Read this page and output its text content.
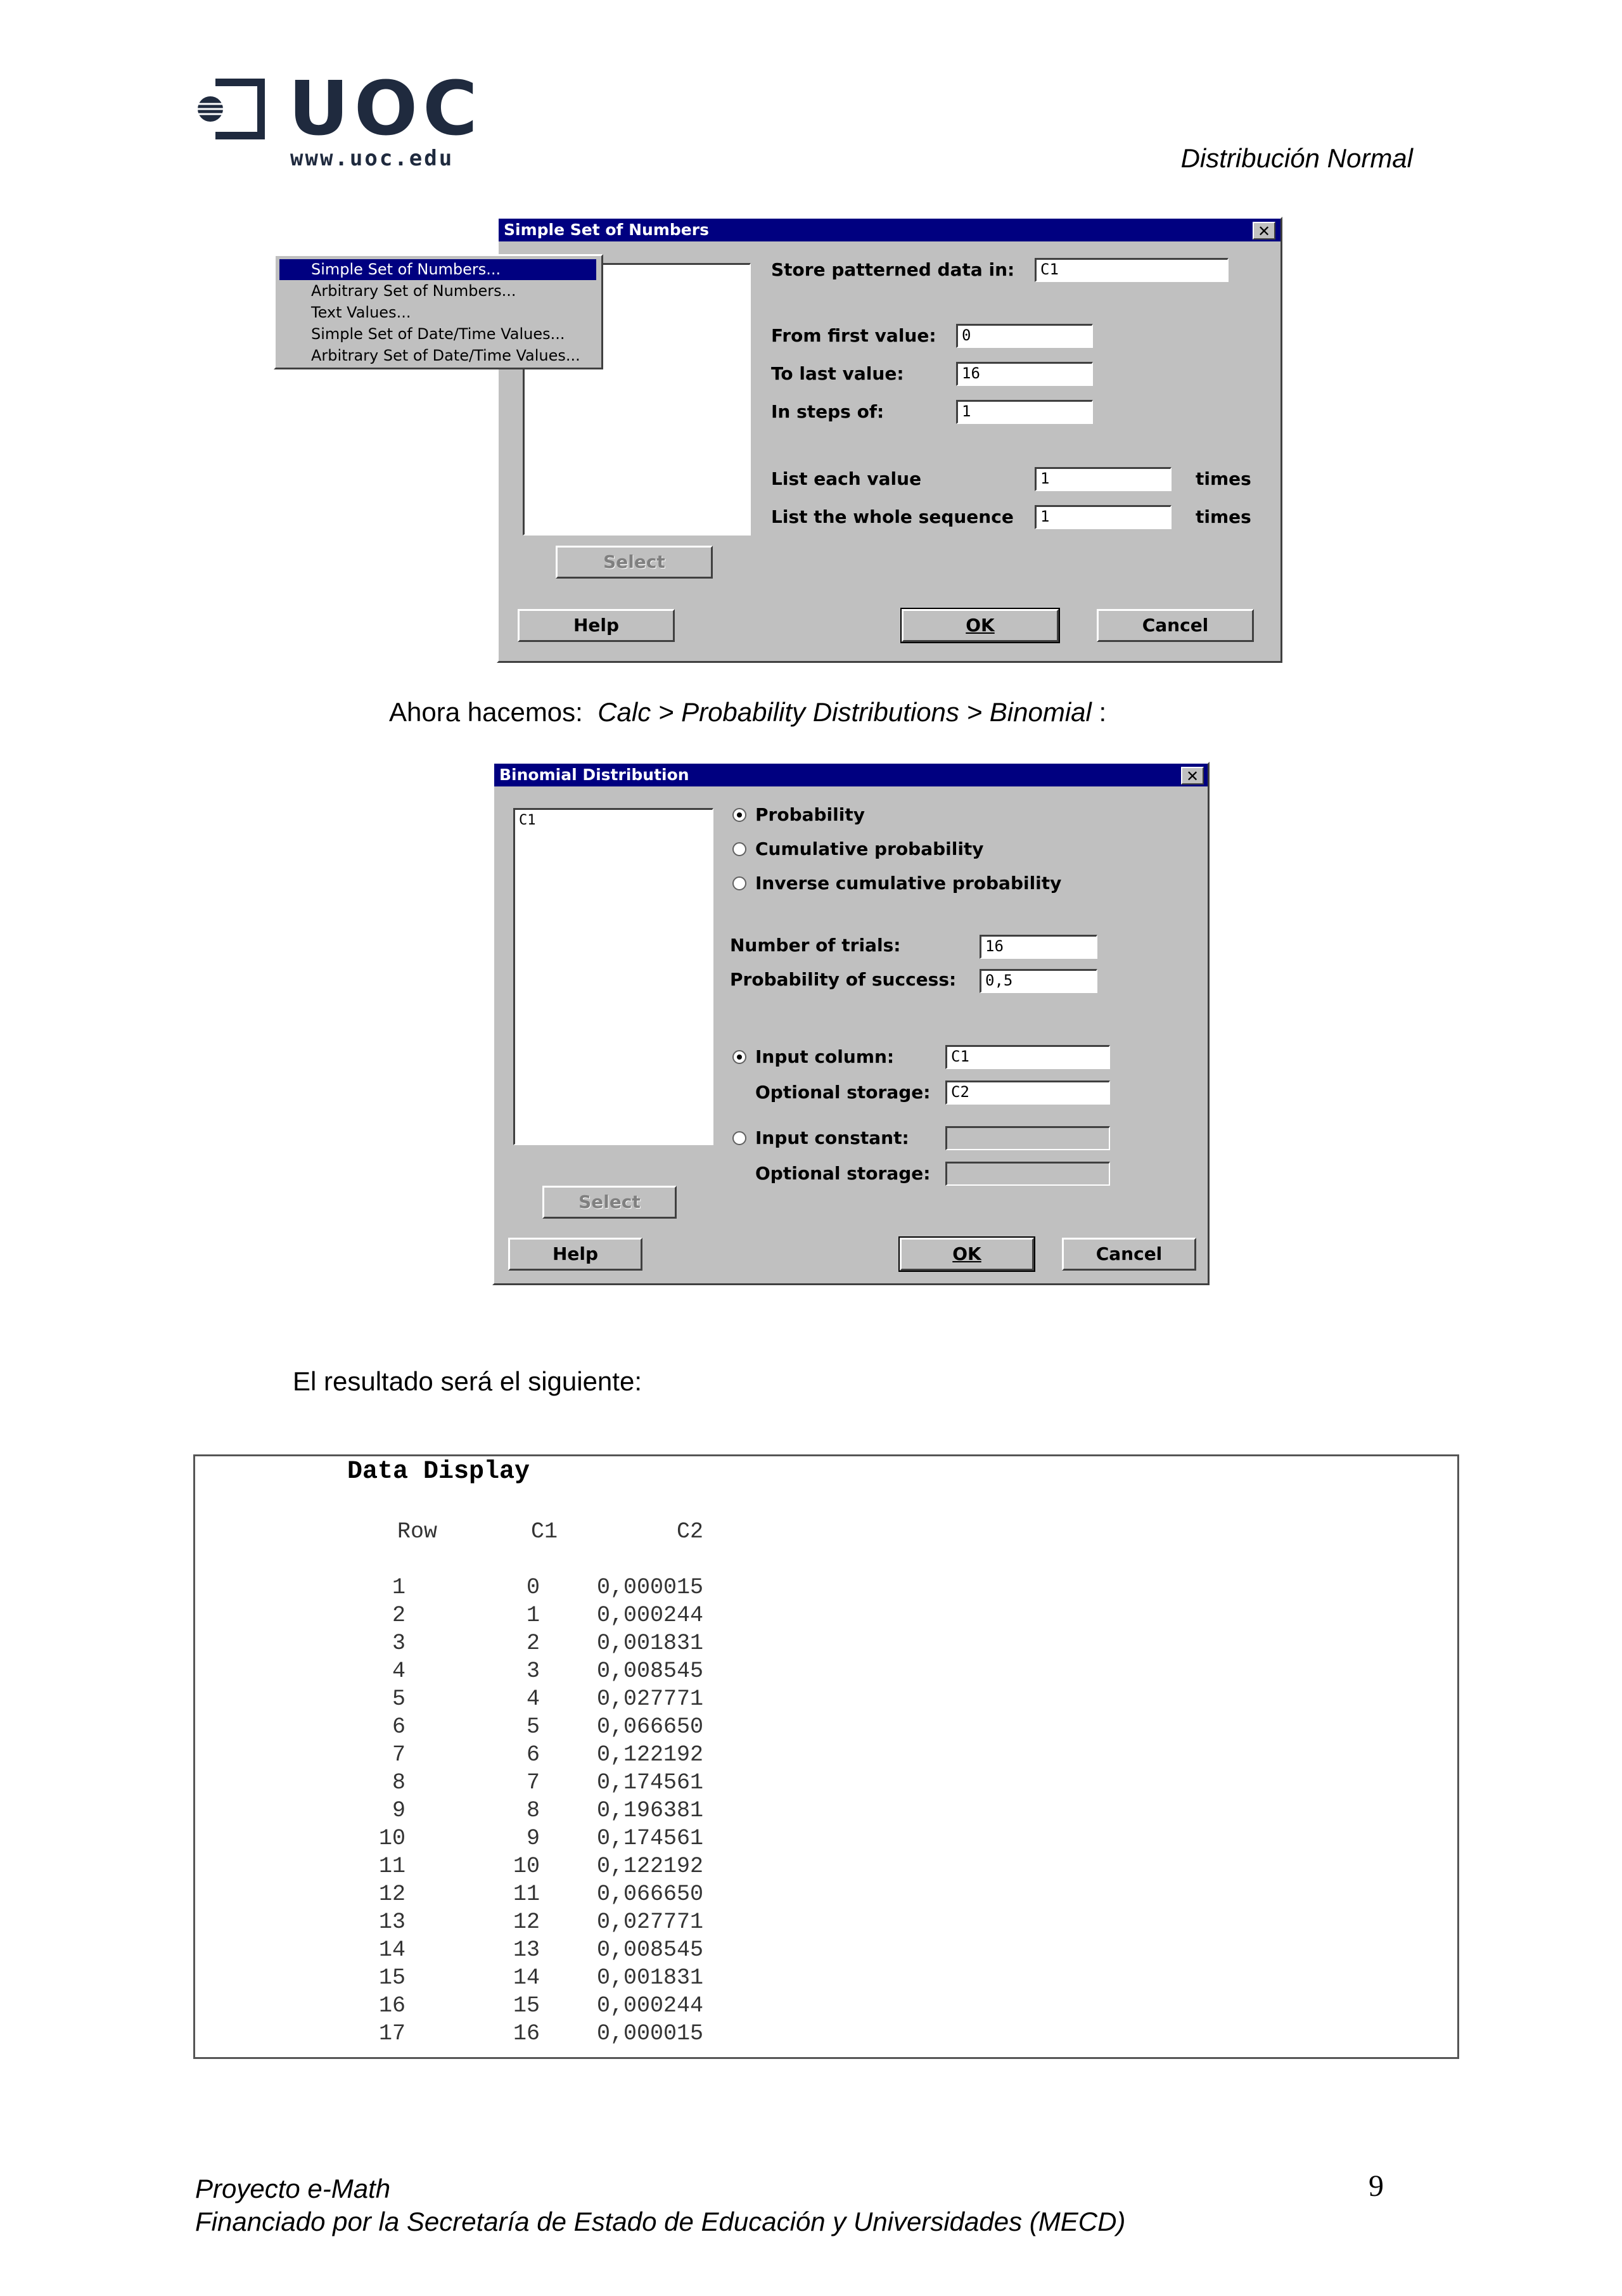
UOC
www.uoc.edu	Distribución Normal
Simple Set of Numbers	✕
Store patterned data in:	C1
From first value:	0
To last value:	16
In steps of:	1
List each value	1	times
List the whole sequence	1	times
Select
Help	OK	Cancel
Simple Set of Numbers...
Arbitrary Set of Numbers...
Text Values...
Simple Set of Date/Time Values...
Arbitrary Set of Date/Time Values...
Ahora hacemos:  Calc > Probability Distributions > Binomial :
Binomial Distribution	✕
C1	Probability
Cumulative probability
Inverse cumulative probability
Number of trials:	16
Probability of success:	0,5
Input column:	C1
Optional storage:	C2
Input constant:
Optional storage:
Select
Help	OK	Cancel
El resultado será el siguiente:
Data Display
Row	C1	C2
1	0	0,000015
2	1	0,000244
3	2	0,001831
4	3	0,008545
5	4	0,027771
6	5	0,066650
7	6	0,122192
8	7	0,174561
9	8	0,196381
10	9	0,174561
11	10	0,122192
12	11	0,066650
13	12	0,027771
14	13	0,008545
15	14	0,001831
16	15	0,000244
17	16	0,000015
Proyecto e-Math
Financiado por la Secretaría de Estado de Educación y Universidades (MECD)
9
